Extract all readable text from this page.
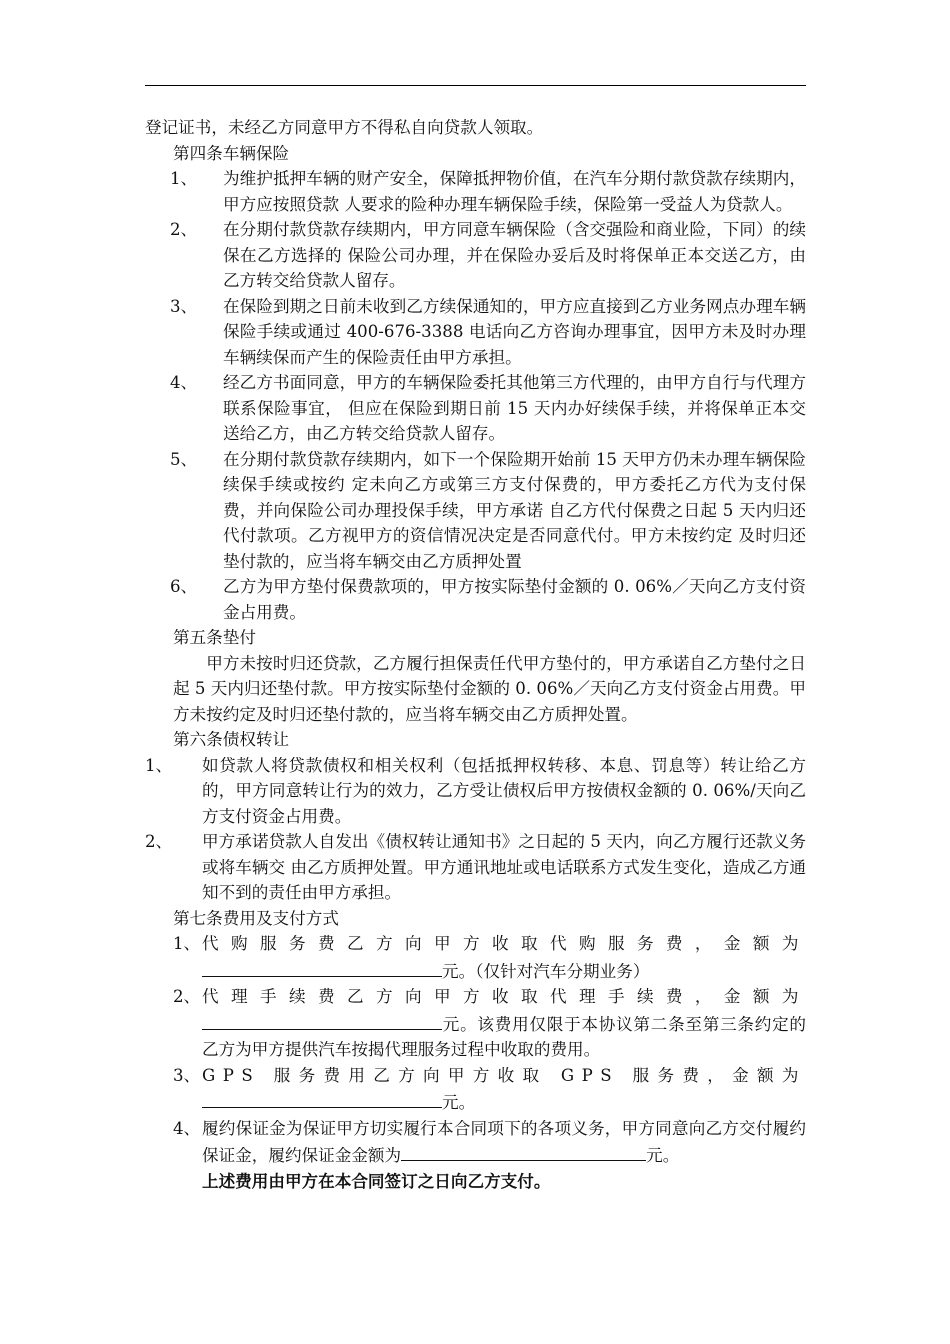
登记证书，未经乙方同意甲方不得私自向贷款人领取。

第四条车辆保险

1、 为维护抵押车辆的财产安全，保障抵押物价值，在汽车分期付款贷款存续期内，甲方应按照贷款 人要求的险种办理车辆保险手续，保险第一受益人为贷款人。
2、 在分期付款贷款存续期内，甲方同意车辆保险（含交强险和商业险，下同）的续保在乙方选择的 保险公司办理，并在保险办妥后及时将保单正本交送乙方，由乙方转交给贷款人留存。
3、 在保险到期之日前未收到乙方续保通知的，甲方应直接到乙方业务网点办理车辆保险手续或通过 400-676-3388 电话向乙方咨询办理事宜，因甲方未及时办理车辆续保而产生的保险责任由甲方承担。
4、 经乙方书面同意，甲方的车辆保险委托其他第三方代理的，由甲方自行与代理方联系保险事宜， 但应在保险到期日前 15 天内办好续保手续，并将保单正本交送给乙方，由乙方转交给贷款人留存。
5、 在分期付款贷款存续期内，如下一个保险期开始前 15 天甲方仍未办理车辆保险续保手续或按约 定未向乙方或第三方支付保费的，甲方委托乙方代为支付保费，并向保险公司办理投保手续，甲方承诺 自乙方代付保费之日起 5 天内归还代付款项。乙方视甲方的资信情况决定是否同意代付。甲方未按约定 及时归还垫付款的，应当将车辆交由乙方质押处置
6、 乙方为甲方垫付保费款项的，甲方按实际垫付金额的 0. 06%／天向乙方支付资金占用费。

第五条垫付

甲方未按时归还贷款，乙方履行担保责任代甲方垫付的，甲方承诺自乙方垫付之日起 5 天内归还垫付款。甲方按实际垫付金额的 0. 06%／天向乙方支付资金占用费。甲方未按约定及时归还垫付款的，应当将车辆交由乙方质押处置。

第六条债权转让

1、 如贷款人将贷款债权和相关权利（包括抵押权转移、本息、罚息等）转让给乙方的，甲方同意转让行为的效力，乙方受让债权后甲方按债权金额的 0. 06%/天向乙方支付资金占用费。
2、 甲方承诺贷款人自发出《债权转让通知书》之日起的 5 天内，向乙方履行还款义务或将车辆交 由乙方质押处置。甲方通讯地址或电话联系方式发生变化，造成乙方通知不到的责任由甲方承担。

第七条费用及支付方式

1、 代购服务费乙方向甲方收取代购服务费，金额为元。（仅针对汽车分期业务）
2、 代理手续费乙方向甲方收取代理手续费，金额为元。该费用仅限于本协议第二条至第三条约定的乙方为甲方提供汽车按揭代理服务过程中收取的费用。
3、 GPS 服务费用乙方向甲方收取 GPS 服务费，金额为元。
4、 履约保证金为保证甲方切实履行本合同项下的各项义务，甲方同意向乙方交付履约保证金，履约保证金金额为	元。

上述费用由甲方在本合同签订之日向乙方支付。
